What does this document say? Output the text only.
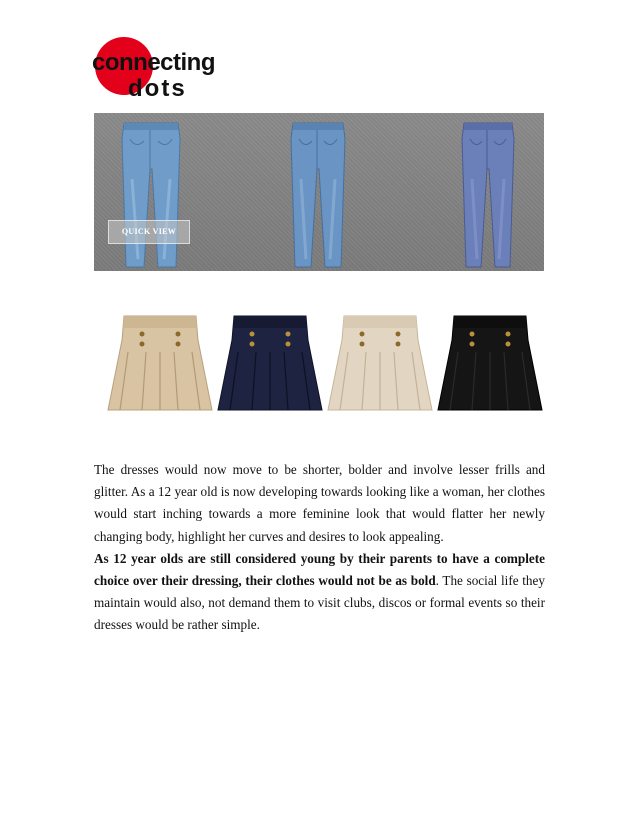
connecting
dots
QUICK VIEW

The dresses would now move to be shorter, bolder and involve lesser frills and glitter. As a 12 year old is now developing towards looking like a woman, her clothes would start inching towards a more feminine look that would flatter her newly changing body, highlight her curves and desires to look appealing.

As 12 year olds are still considered young by their parents to have a complete choice over their dressing, their clothes would not be as bold. The social life they maintain would also, not demand them to visit clubs, discos or formal events so their dresses would be rather simple.
